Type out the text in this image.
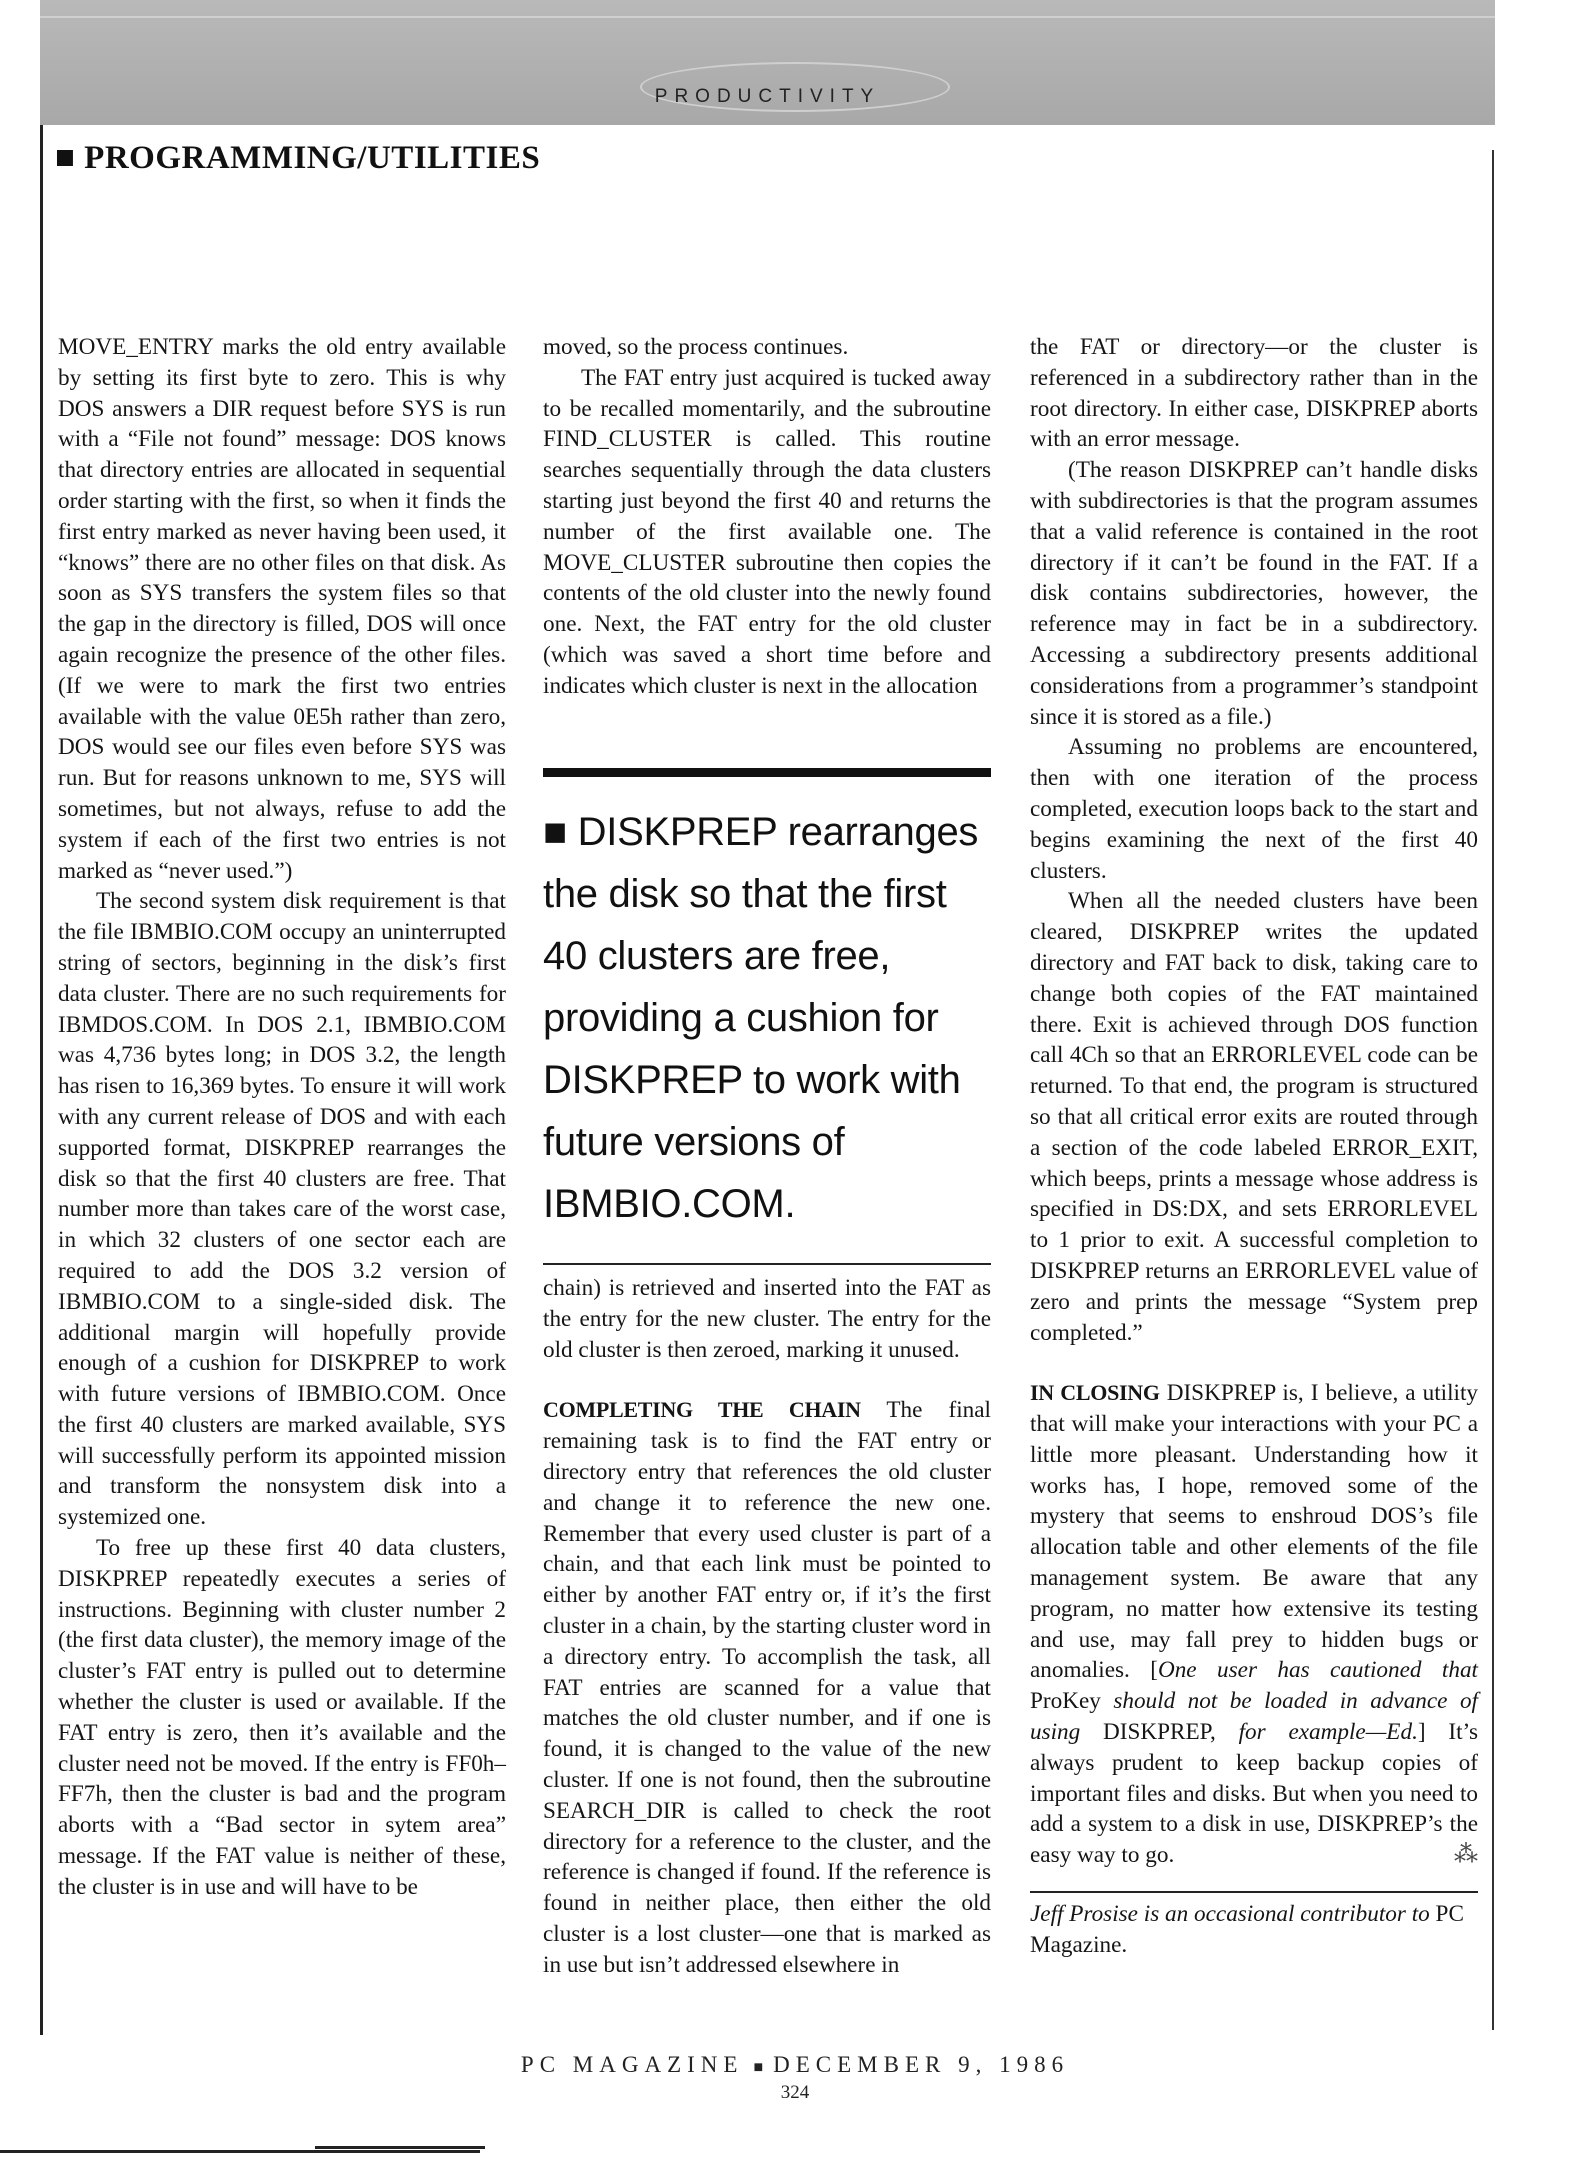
PRODUCTIVITY
■ PROGRAMMING/UTILITIES

MOVE_ENTRY marks the old entry available by setting its first byte to zero. This is why DOS answers a DIR request before SYS is run with a “File not found” message: DOS knows that directory entries are allocated in sequential order starting with the first, so when it finds the first entry marked as never having been used, it “knows” there are no other files on that disk. As soon as SYS transfers the system files so that the gap in the directory is filled, DOS will once again recognize the presence of the other files. (If we were to mark the first two entries available with the value 0E5h rather than zero, DOS would see our files even before SYS was run. But for reasons unknown to me, SYS will sometimes, but not always, refuse to add the system if each of the first two entries is not marked as “never used.”)

The second system disk requirement is that the file IBMBIO.COM occupy an uninterrupted string of sectors, beginning in the disk’s first data cluster. There are no such requirements for IBMDOS.COM. In DOS 2.1, IBMBIO.COM was 4,736 bytes long; in DOS 3.2, the length has risen to 16,369 bytes. To ensure it will work with any current release of DOS and with each supported format, DISKPREP rearranges the disk so that the first 40 clusters are free. That number more than takes care of the worst case, in which 32 clusters of one sector each are required to add the DOS 3.2 version of IBMBIO.COM to a single-sided disk. The additional margin will hopefully provide enough of a cushion for DISKPREP to work with future versions of IBMBIO.COM. Once the first 40 clusters are marked available, SYS will successfully perform its appointed mission and transform the nonsystem disk into a systemized one.

To free up these first 40 data clusters, DISKPREP repeatedly executes a series of instructions. Beginning with cluster number 2 (the first data cluster), the memory image of the cluster’s FAT entry is pulled out to determine whether the cluster is used or available. If the FAT entry is zero, then it’s available and the cluster need not be moved. If the entry is FF0h–FF7h, then the cluster is bad and the program aborts with a “Bad sector in sytem area” message. If the FAT value is neither of these, the cluster is in use and will have to be

moved, so the process continues.

The FAT entry just acquired is tucked away to be recalled momentarily, and the subroutine FIND_CLUSTER is called. This routine searches sequentially through the data clusters starting just beyond the first 40 and returns the number of the first available one. The MOVE_CLUSTER subroutine then copies the contents of the old cluster into the newly found one. Next, the FAT entry for the old cluster (which was saved a short time before and indicates which cluster is next in the allocation

■ DISKPREP rearranges the disk so that the first 40 clusters are free, providing a cushion for DISKPREP to work with future versions of IBMBIO.COM.

chain) is retrieved and inserted into the FAT as the entry for the new cluster. The entry for the old cluster is then zeroed, marking it unused.

COMPLETING THE CHAIN The final remaining task is to find the FAT entry or directory entry that references the old cluster and change it to reference the new one. Remember that every used cluster is part of a chain, and that each link must be pointed to either by another FAT entry or, if it’s the first cluster in a chain, by the starting cluster word in a directory entry. To accomplish the task, all FAT entries are scanned for a value that matches the old cluster number, and if one is found, it is changed to the value of the new cluster. If one is not found, then the subroutine SEARCH_DIR is called to check the root directory for a reference to the cluster, and the reference is changed if found. If the reference is found in neither place, then either the old cluster is a lost cluster—one that is marked as in use but isn’t addressed elsewhere in

the FAT or directory—or the cluster is referenced in a subdirectory rather than in the root directory. In either case, DISKPREP aborts with an error message.

(The reason DISKPREP can’t handle disks with subdirectories is that the program assumes that a valid reference is contained in the root directory if it can’t be found in the FAT. If a disk contains subdirectories, however, the reference may in fact be in a subdirectory. Accessing a subdirectory presents additional considerations from a programmer’s standpoint since it is stored as a file.)

Assuming no problems are encountered, then with one iteration of the process completed, execution loops back to the start and begins examining the next of the first 40 clusters.

When all the needed clusters have been cleared, DISKPREP writes the updated directory and FAT back to disk, taking care to change both copies of the FAT maintained there. Exit is achieved through DOS function call 4Ch so that an ERRORLEVEL code can be returned. To that end, the program is structured so that all critical error exits are routed through a section of the code labeled ERROR_EXIT, which beeps, prints a message whose address is specified in DS:DX, and sets ERRORLEVEL to 1 prior to exit. A successful completion to DISKPREP returns an ERRORLEVEL value of zero and prints the message “System prep completed.”

IN CLOSING DISKPREP is, I believe, a utility that will make your interactions with your PC a little more pleasant. Understanding how it works has, I hope, removed some of the mystery that seems to enshroud DOS’s file allocation table and other elements of the file management system. Be aware that any program, no matter how extensive its testing and use, may fall prey to hidden bugs or anomalies. [One user has cautioned that ProKey should not be loaded in advance of using DISKPREP, for example—Ed.] It’s always prudent to keep backup copies of important files and disks. But when you need to add a system to a disk in use, DISKPREP’s the easy way to go.	⁂

Jeff Prosise is an occasional contributor to PC Magazine.

PC MAGAZINE ■ DECEMBER 9, 1986
324
